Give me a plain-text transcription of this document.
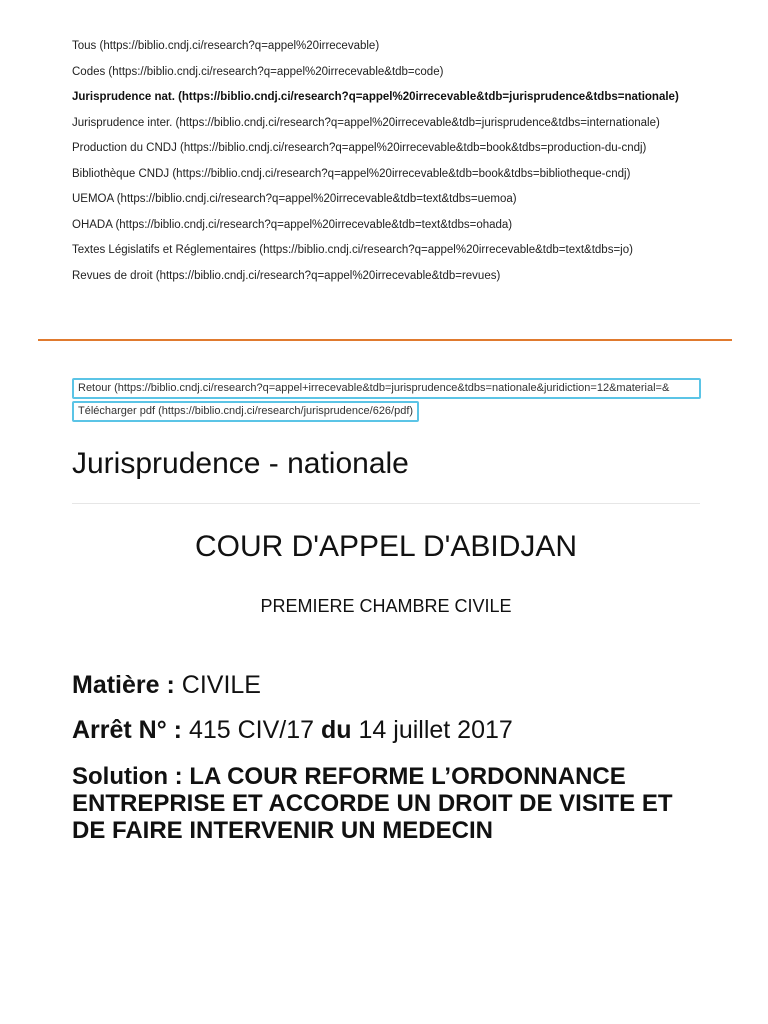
Tous (https://biblio.cndj.ci/research?q=appel%20irrecevable)
Codes (https://biblio.cndj.ci/research?q=appel%20irrecevable&tdb=code)
Jurisprudence nat. (https://biblio.cndj.ci/research?q=appel%20irrecevable&tdb=jurisprudence&tdbs=nationale)
Jurisprudence inter. (https://biblio.cndj.ci/research?q=appel%20irrecevable&tdb=jurisprudence&tdbs=internationale)
Production du CNDJ (https://biblio.cndj.ci/research?q=appel%20irrecevable&tdb=book&tdbs=production-du-cndj)
Bibliothèque CNDJ (https://biblio.cndj.ci/research?q=appel%20irrecevable&tdb=book&tdbs=bibliotheque-cndj)
UEMOA (https://biblio.cndj.ci/research?q=appel%20irrecevable&tdb=text&tdbs=uemoa)
OHADA (https://biblio.cndj.ci/research?q=appel%20irrecevable&tdb=text&tdbs=ohada)
Textes Législatifs et Réglementaires (https://biblio.cndj.ci/research?q=appel%20irrecevable&tdb=text&tdbs=jo)
Revues de droit (https://biblio.cndj.ci/research?q=appel%20irrecevable&tdb=revues)
Retour (https://biblio.cndj.ci/research?q=appel+irrecevable&tdb=jurisprudence&tdbs=nationale&juridiction=12&material=&
Télécharger pdf (https://biblio.cndj.ci/research/jurisprudence/626/pdf)
Jurisprudence - nationale
COUR D'APPEL D'ABIDJAN
PREMIERE CHAMBRE CIVILE
Matière : CIVILE
Arrêt N° : 415 CIV/17 du 14 juillet 2017

Solution : LA COUR REFORME L’ORDONNANCE ENTREPRISE ET ACCORDE UN DROIT DE VISITE ET DE FAIRE INTERVENIR UN MEDECIN
